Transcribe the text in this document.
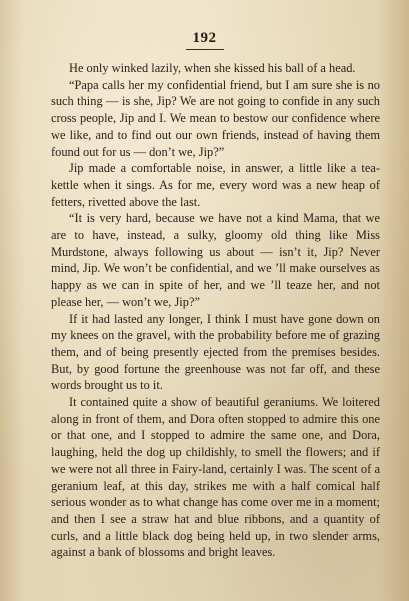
192

He only winked lazily, when she kissed his ball of a head.

“Papa calls her my confidential friend, but I am sure she is no such thing — is she, Jip? We are not going to confide in any such cross people, Jip and I. We mean to bestow our confidence where we like, and to find out our own friends, instead of having them found out for us — don’t we, Jip?”

Jip made a comfortable noise, in answer, a little like a tea-kettle when it sings. As for me, every word was a new heap of fetters, rivetted above the last.

“It is very hard, because we have not a kind Mama, that we are to have, instead, a sulky, gloomy old thing like Miss Murdstone, always following us about — isn’t it, Jip? Never mind, Jip. We won’t be confidential, and we ’ll make ourselves as happy as we can in spite of her, and we ’ll teaze her, and not please her, — won’t we, Jip?”

If it had lasted any longer, I think I must have gone down on my knees on the gravel, with the probability before me of grazing them, and of being presently ejected from the premises besides. But, by good fortune the greenhouse was not far off, and these words brought us to it.

It contained quite a show of beautiful geraniums. We loitered along in front of them, and Dora often stopped to admire this one or that one, and I stopped to admire the same one, and Dora, laughing, held the dog up childishly, to smell the flowers; and if we were not all three in Fairy-land, certainly I was. The scent of a geranium leaf, at this day, strikes me with a half comical half serious wonder as to what change has come over me in a moment; and then I see a straw hat and blue ribbons, and a quantity of curls, and a little black dog being held up, in two slender arms, against a bank of blossoms and bright leaves.
